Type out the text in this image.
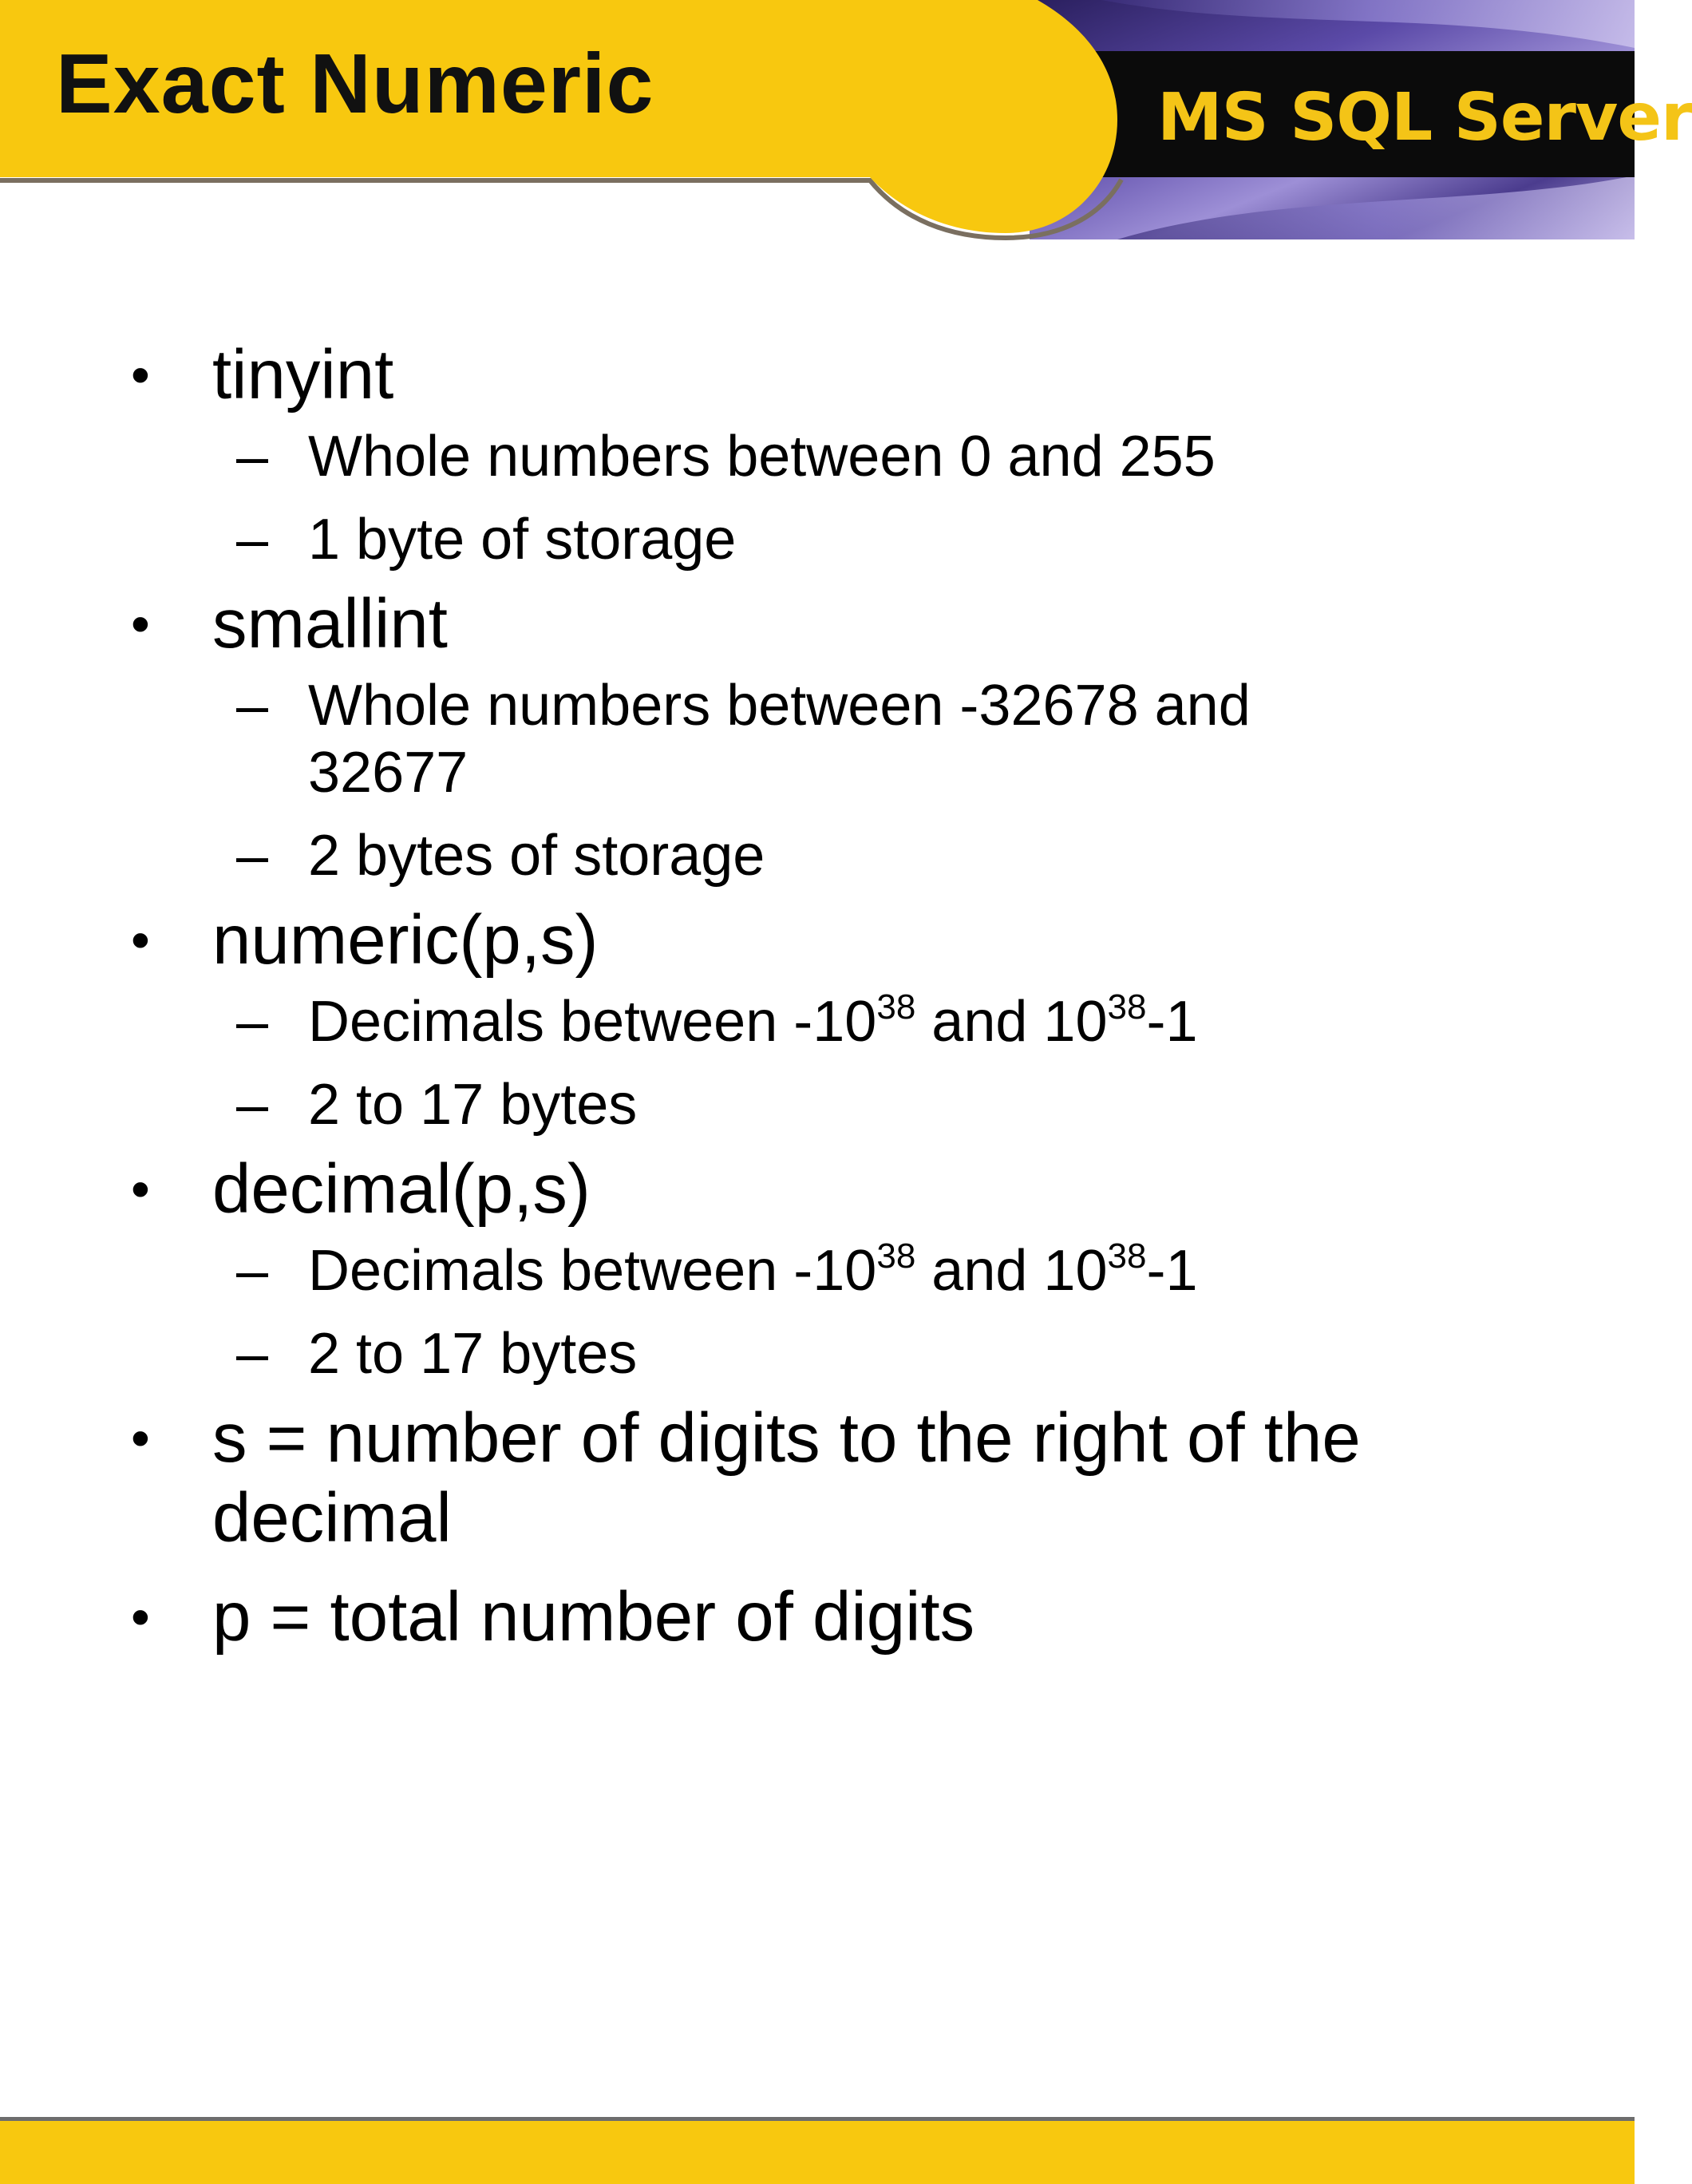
Exact Numeric	MS SQL Server
• tinyint
– Whole numbers between 0 and 255
– 1 byte of storage
• smallint
– Whole numbers between -32678 and 32677
– 2 bytes of storage
• numeric(p,s)
– Decimals between $-10^{38}$ and $10^{38}-1$
– 2 to 17 bytes
• decimal(p,s)
– Decimals between $-10^{38}$ and $10^{38}-1$
– 2 to 17 bytes
• s = number of digits to the right of the decimal
• p = total number of digits
